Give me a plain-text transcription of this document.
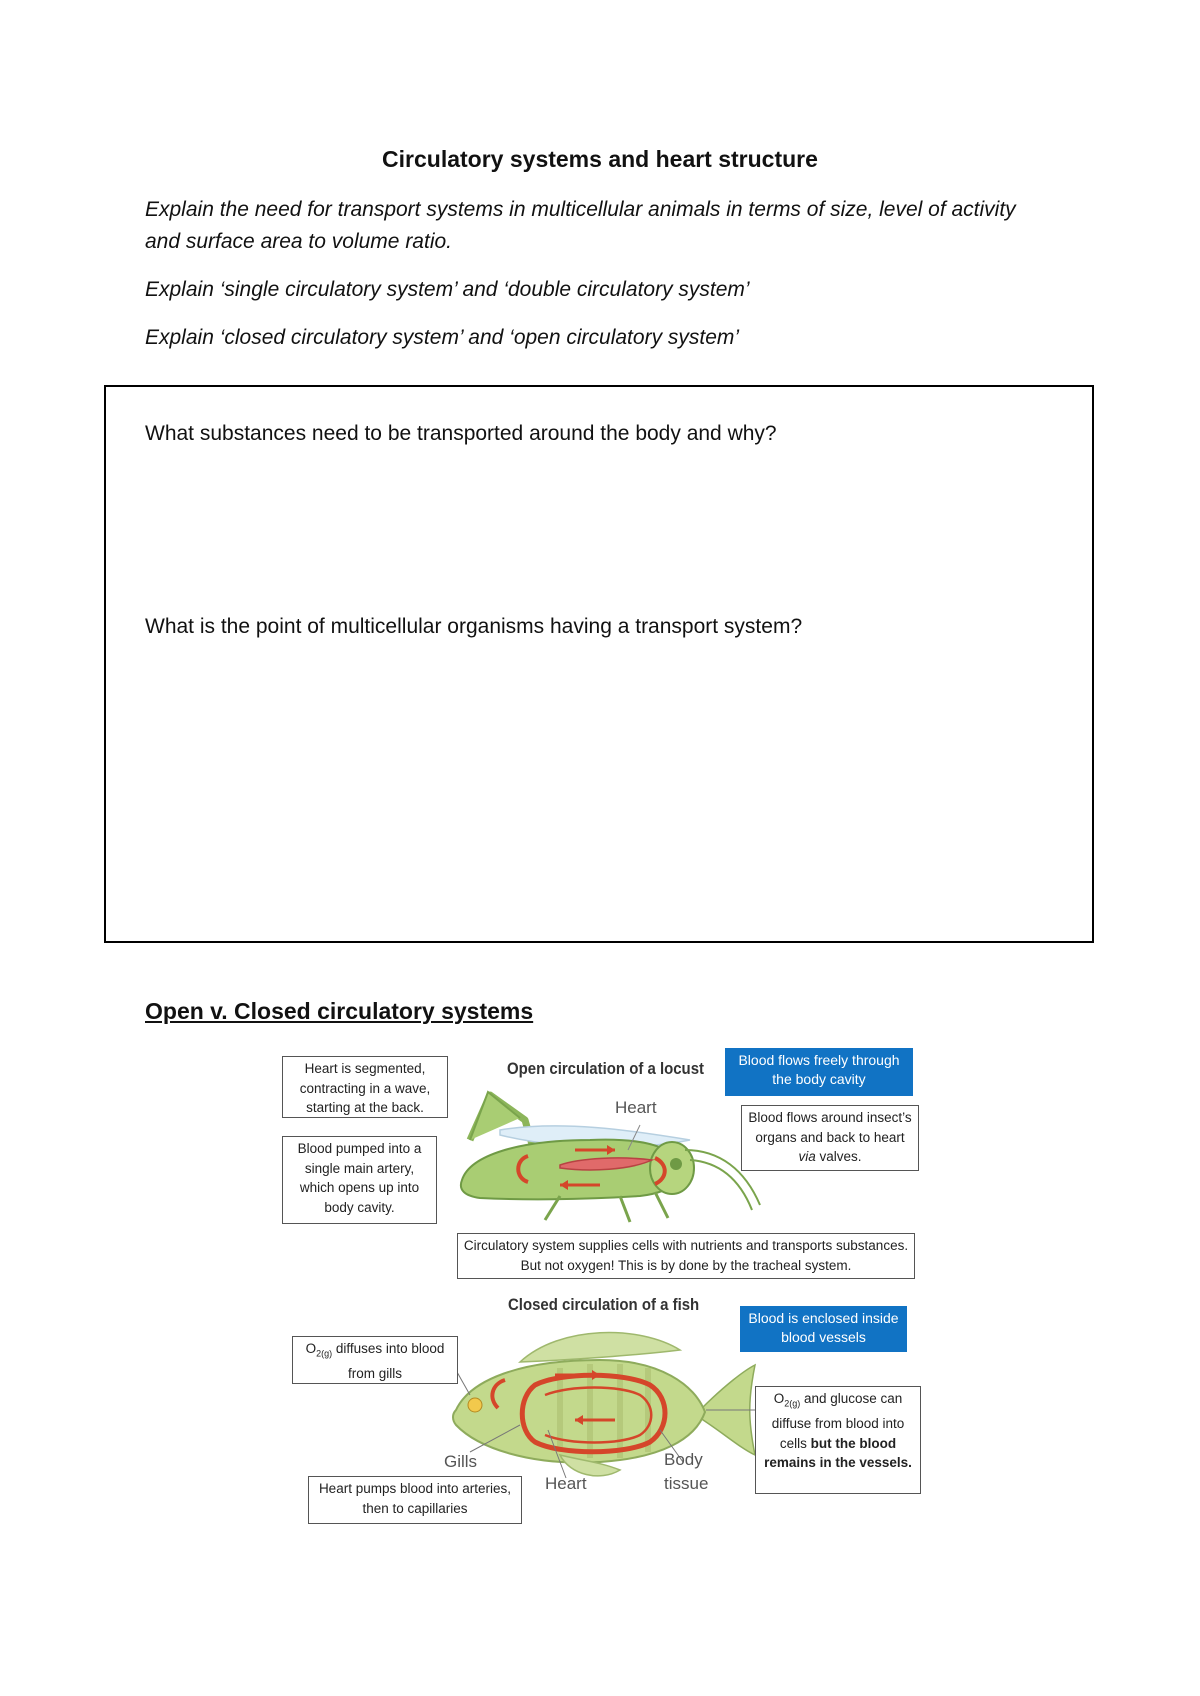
Circulatory systems and heart structure
Explain the need for transport systems in multicellular animals in terms of size, level of activity and surface area to volume ratio.
Explain ‘single circulatory system’ and ‘double circulatory system’
Explain ‘closed circulatory system’ and ‘open circulatory system’
What substances need to be transported around the body and why?
What is the point of multicellular organisms having a transport system?
Open v. Closed circulatory systems
Open circulation of a locust
Heart
Blood flows freely through the body cavity
Heart is segmented, contracting in a wave, starting at the back.
Blood pumped into a single main artery, which opens up into body cavity.
Blood flows around insect’s organs and back to heart via valves.
Circulatory system supplies cells with nutrients and transports substances. But not oxygen! This is by done by the tracheal system.
Closed circulation of a fish
Blood is enclosed inside blood vessels
$O_{2(g)}$ diffuses into blood from gills
Heart pumps blood into arteries, then to capillaries
$O_{2(g)}$ and glucose can diffuse from blood into cells but the blood remains in the vessels.
Gills
Heart
Body
tissue
